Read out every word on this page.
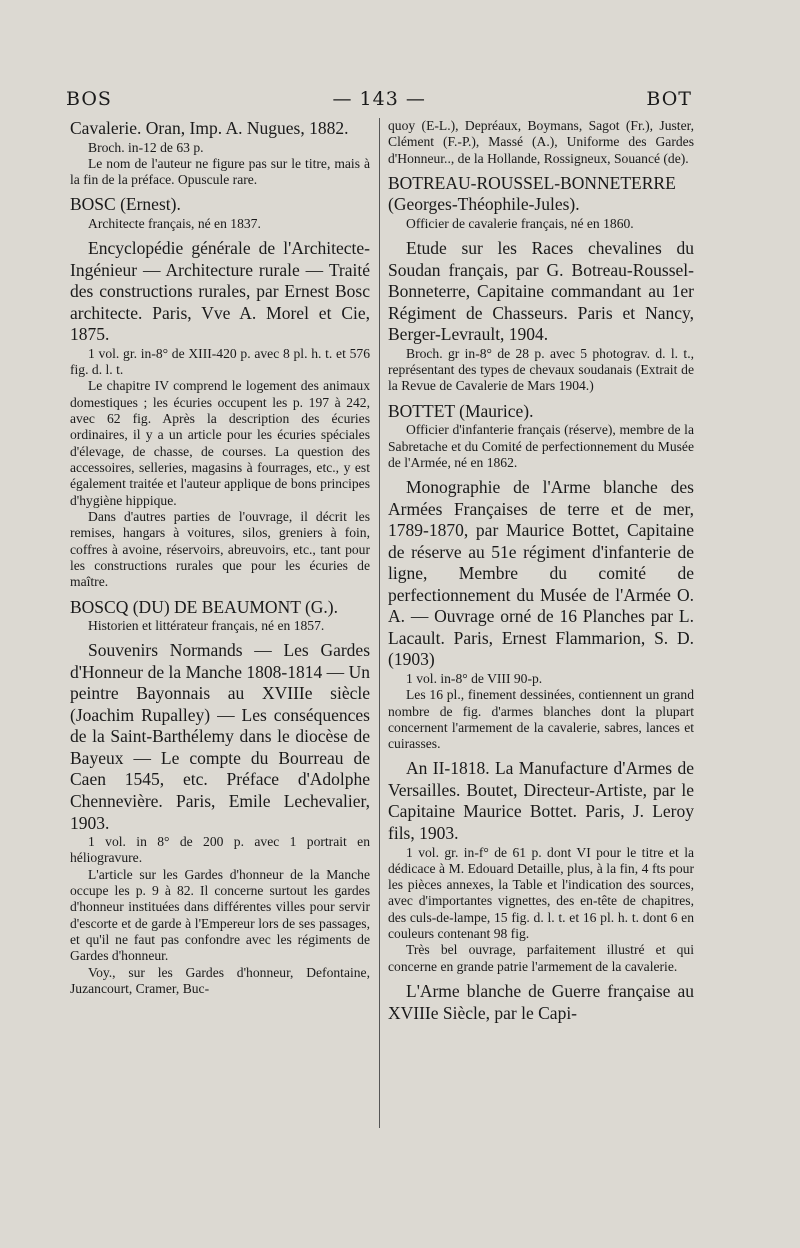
BOS	— 143 —	BOT

Cavalerie. Oran, Imp. A. Nugues, 1882.

Broch. in-12 de 63 p.

Le nom de l'auteur ne figure pas sur le titre, mais à la fin de la préface. Opuscule rare.

BOSC (Ernest).

Architecte français, né en 1837.

Encyclopédie générale de l'Architecte-Ingénieur — Architecture rurale — Traité des constructions rurales, par Ernest Bosc architecte. Paris, Vve A. Morel et Cie, 1875.

1 vol. gr. in-8° de XIII-420 p. avec 8 pl. h. t. et 576 fig. d. l. t.

Le chapitre IV comprend le logement des animaux domestiques ; les écuries occupent les p. 197 à 242, avec 62 fig. Après la description des écuries ordinaires, il y a un article pour les écuries spéciales d'élevage, de chasse, de courses. La question des accessoires, selleries, magasins à fourrages, etc., y est également traitée et l'auteur applique de bons principes d'hygiène hippique.

Dans d'autres parties de l'ouvrage, il décrit les remises, hangars à voitures, silos, greniers à foin, coffres à avoine, réservoirs, abreuvoirs, etc., tant pour les constructions rurales que pour les écuries de maître.

BOSCQ (DU) DE BEAUMONT (G.).

Historien et littérateur français, né en 1857.

Souvenirs Normands — Les Gardes d'Honneur de la Manche 1808-1814 — Un peintre Bayonnais au XVIIIe siècle (Joachim Rupalley) — Les conséquences de la Saint-Barthélemy dans le diocèse de Bayeux — Le compte du Bourreau de Caen 1545, etc. Préface d'Adolphe Chennevière. Paris, Emile Lechevalier, 1903.

1 vol. in 8° de 200 p. avec 1 portrait en héliogravure.

L'article sur les Gardes d'honneur de la Manche occupe les p. 9 à 82. Il concerne surtout les gardes d'honneur instituées dans différentes villes pour servir d'escorte et de garde à l'Empereur lors de ses passages, et qu'il ne faut pas confondre avec les régiments de Gardes d'honneur.

Voy., sur les Gardes d'honneur, Defontaine, Juzancourt, Cramer, Buc-

quoy (E-L.), Depréaux, Boymans, Sagot (Fr.), Juster, Clément (F.-P.), Massé (A.), Uniforme des Gardes d'Honneur.., de la Hollande, Rossigneux, Souancé (de).

BOTREAU-ROUSSEL-BONNETERRE (Georges-Théophile-Jules).

Officier de cavalerie français, né en 1860.

Etude sur les Races chevalines du Soudan français, par G. Botreau-Roussel-Bonneterre, Capitaine commandant au 1er Régiment de Chasseurs. Paris et Nancy, Berger-Levrault, 1904.

Broch. gr in-8° de 28 p. avec 5 photograv. d. l. t., représentant des types de chevaux soudanais (Extrait de la Revue de Cavalerie de Mars 1904.)

BOTTET (Maurice).

Officier d'infanterie français (réserve), membre de la Sabretache et du Comité de perfectionnement du Musée de l'Armée, né en 1862.

Monographie de l'Arme blanche des Armées Françaises de terre et de mer, 1789-1870, par Maurice Bottet, Capitaine de réserve au 51e régiment d'infanterie de ligne, Membre du comité de perfectionnement du Musée de l'Armée O. A. — Ouvrage orné de 16 Planches par L. Lacault. Paris, Ernest Flammarion, S. D. (1903)

1 vol. in-8° de VIII 90-p.

Les 16 pl., finement dessinées, contiennent un grand nombre de fig. d'armes blanches dont la plupart concernent l'armement de la cavalerie, sabres, lances et cuirasses.

An II-1818. La Manufacture d'Armes de Versailles. Boutet, Directeur-Artiste, par le Capitaine Maurice Bottet. Paris, J. Leroy fils, 1903.

1 vol. gr. in-f° de 61 p. dont VI pour le titre et la dédicace à M. Edouard Detaille, plus, à la fin, 4 fts pour les pièces annexes, la Table et l'indication des sources, avec d'importantes vignettes, des en-tête de chapitres, des culs-de-lampe, 15 fig. d. l. t. et 16 pl. h. t. dont 6 en couleurs contenant 98 fig.

Très bel ouvrage, parfaitement illustré et qui concerne en grande patrie l'armement de la cavalerie.

L'Arme blanche de Guerre française au XVIIIe Siècle, par le Capi-
